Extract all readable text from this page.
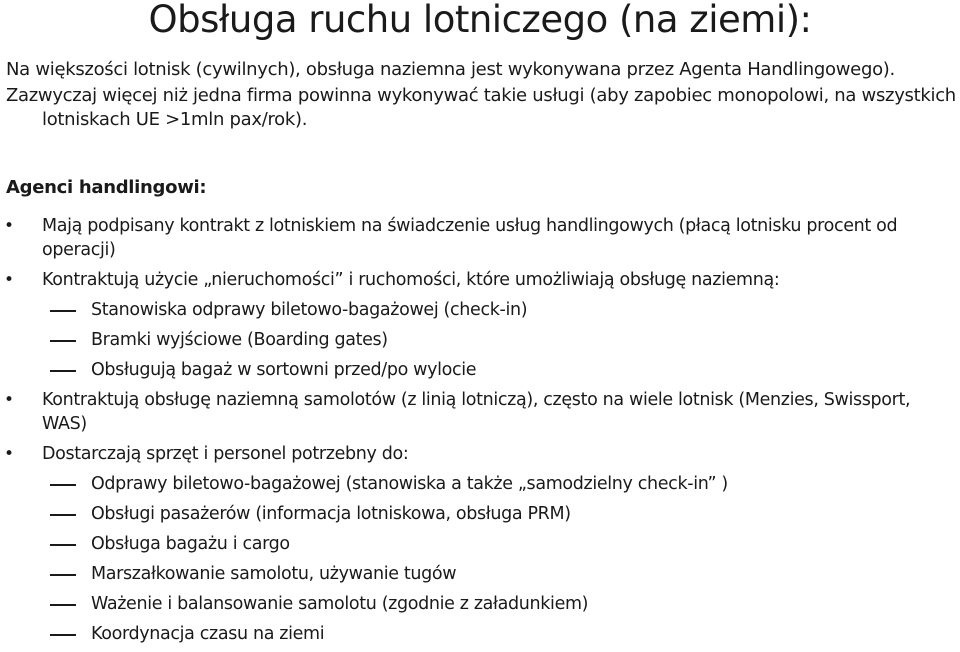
Obsługa ruchu lotniczego (na ziemi):

Na większości lotnisk (cywilnych), obsługa naziemna jest wykonywana przez Agenta Handlingowego).

Zazwyczaj więcej niż jedna firma powinna wykonywać takie usługi (aby zapobiec monopolowi, na wszystkich lotniskach UE >1mln pax/rok).

Agenci handlingowi:
• Mają podpisany kontrakt z lotniskiem na świadczenie usług handlingowych (płacą lotnisku procent od operacji)
• Kontraktują użycie „nieruchomości” i ruchomości, które umożliwiają obsługę naziemną:
Stanowiska odprawy biletowo-bagażowej (check-in)
Bramki wyjściowe (Boarding gates)
Obsługują bagaż w sortowni przed/po wylocie
• Kontraktują obsługę naziemną samolotów (z linią lotniczą), często na wiele lotnisk (Menzies, Swissport, WAS)
• Dostarczają sprzęt i personel potrzebny do:
Odprawy biletowo-bagażowej (stanowiska a także „samodzielny check-in” )
Obsługi pasażerów (informacja lotniskowa, obsługa PRM)
Obsługa bagażu i cargo
Marszałkowanie samolotu, używanie tugów
Ważenie i balansowanie samolotu (zgodnie z załadunkiem)
Koordynacja czasu na ziemi
